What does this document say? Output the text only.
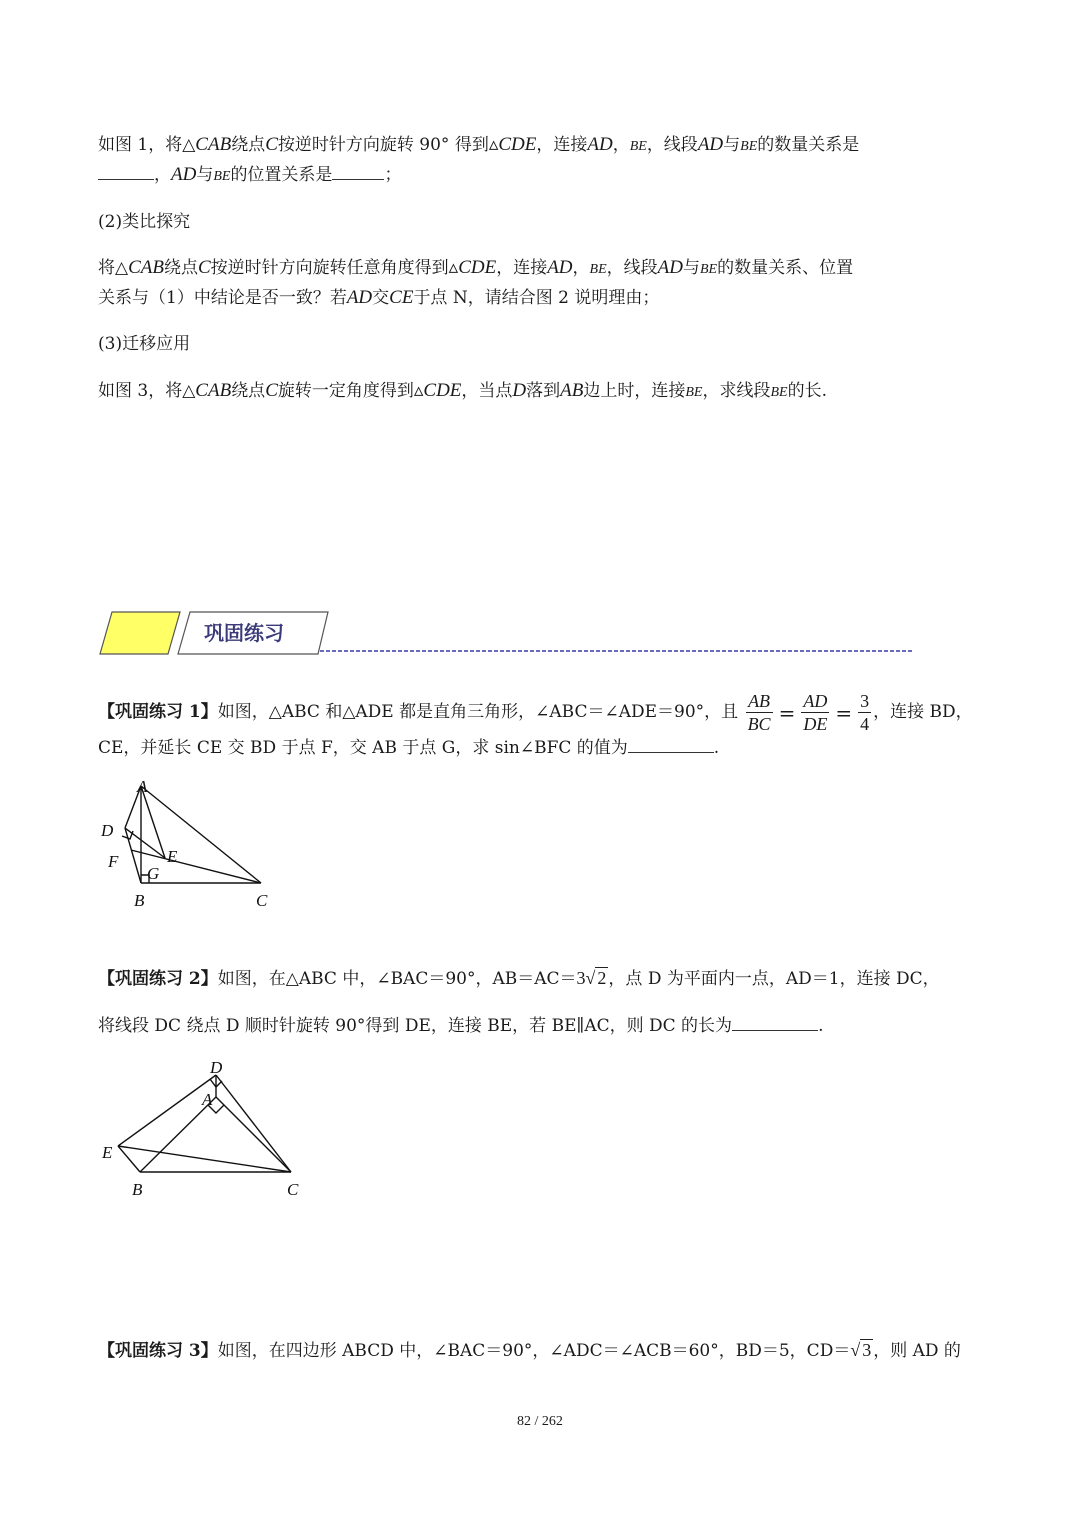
如图 1，将△CAB绕点C按逆时针方向旋转 90° 得到▵CDE，连接AD，BE，线段AD与BE的数量关系是
，AD与BE的位置关系是	；
(2)类比探究
将△CAB绕点C按逆时针方向旋转任意角度得到▵CDE，连接AD，BE，线段AD与BE的数量关系、位置
关系与（1）中结论是否一致？若AD交CE于点 N，请结合图 2 说明理由；
(3)迁移应用
如图 3，将△CAB绕点C旋转一定角度得到▵CDE，当点D落到AB边上时，连接BE，求线段BE的长.
巩固练习
【巩固练习 1】如图，△ABC 和△ADE 都是直角三角形，∠ABC＝∠ADE＝90°，且 $\frac{AB}{BC} = \frac{AD}{DE} = \frac{3}{4}$ ，连接 BD，
CE，并延长 CE 交 BD 于点 F，交 AB 于点 G，求 sin∠BFC 的值为	.
A
D
E
F
G
B	C
【巩固练习 2】如图，在△ABC 中，∠BAC＝90°，AB＝AC＝3√ 2 ，点 D 为平面内一点，AD＝1，连接 DC，
将线段 DC 绕点 D 顺时针旋转 90°得到 DE，连接 BE，若 BE∥AC，则 DC 的长为	.
D
A
E
B	C
【巩固练习 3】如图，在四边形 ABCD 中，∠BAC＝90°，∠ADC＝∠ACB＝60°，BD＝5，CD＝√ 3 ，则 AD 的
82 / 262
